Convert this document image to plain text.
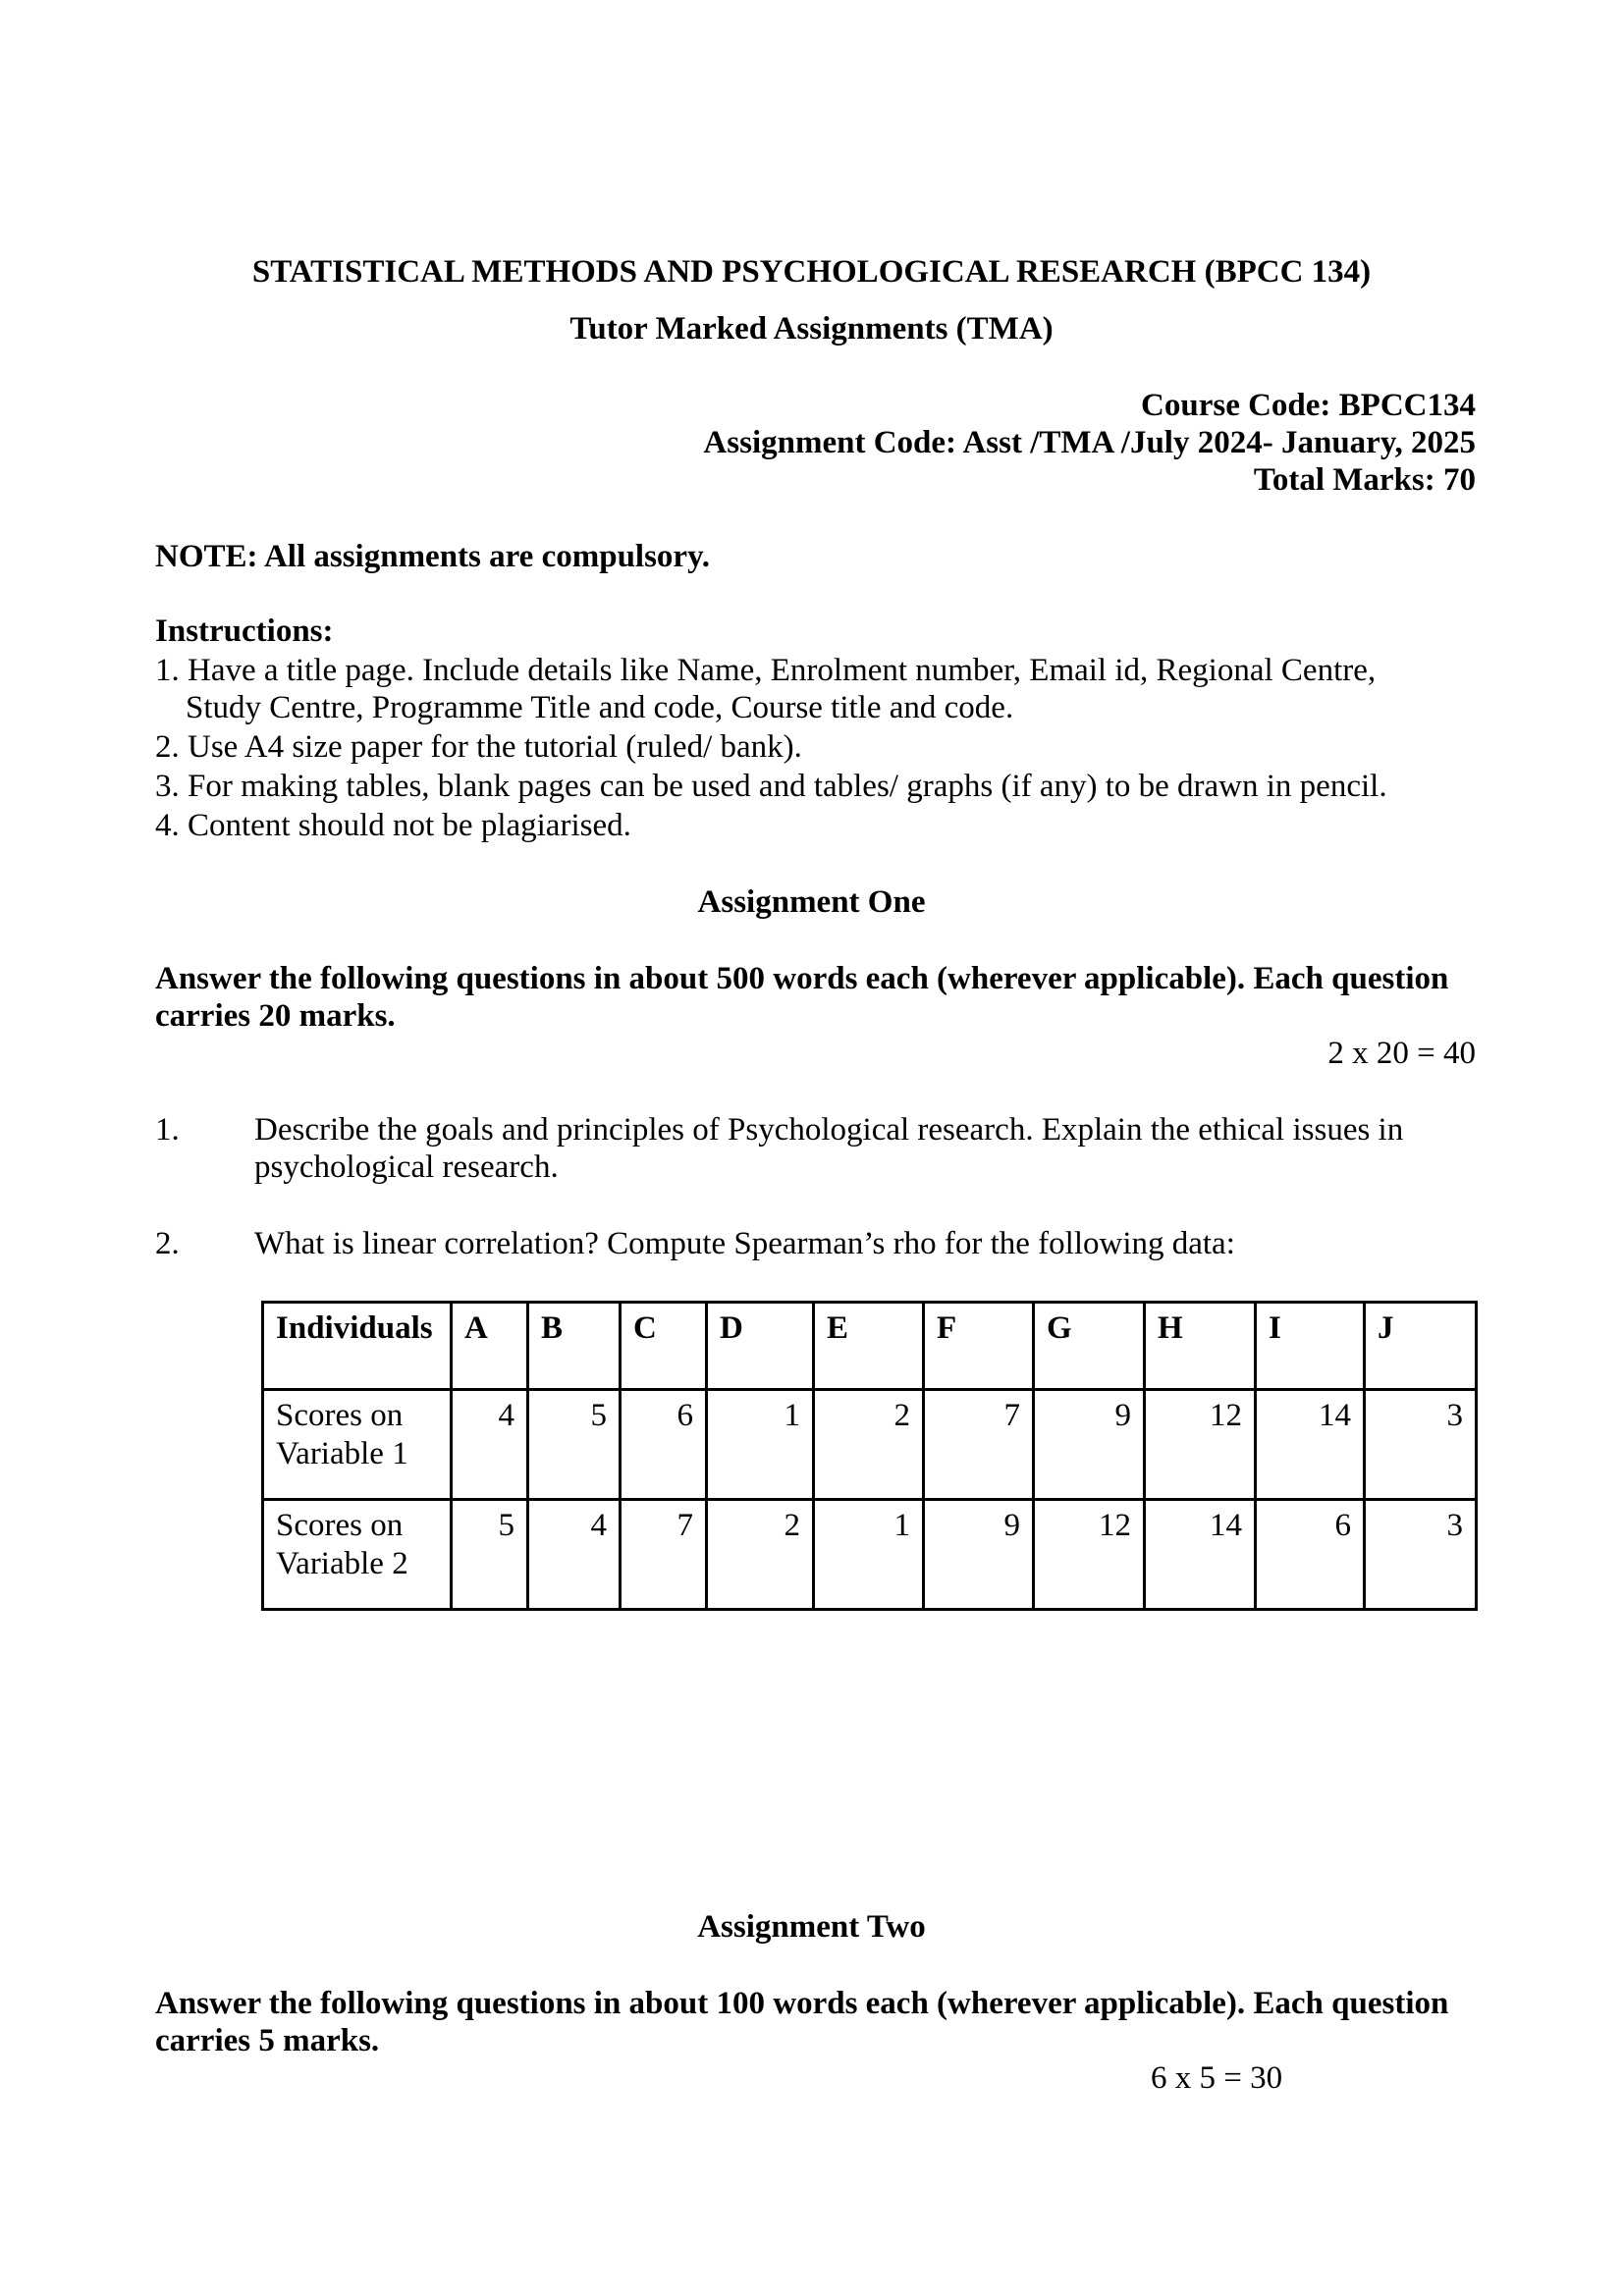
STATISTICAL METHODS AND PSYCHOLOGICAL RESEARCH (BPCC 134)
Tutor Marked Assignments (TMA)
Course Code: BPCC134
Assignment Code: Asst /TMA /July 2024- January, 2025
Total Marks: 70
NOTE: All assignments are compulsory.
Instructions:
1. Have a title page. Include details like Name, Enrolment number, Email id, Regional Centre,
Study Centre, Programme Title and code, Course title and code.
2. Use A4 size paper for the tutorial (ruled/ bank).
3. For making tables, blank pages can be used and tables/ graphs (if any) to be drawn in pencil.
4. Content should not be plagiarised.
Assignment One
Answer the following questions in about 500 words each (wherever applicable). Each question
carries 20 marks.
2 x 20 = 40
1. Describe the goals and principles of Psychological research. Explain the ethical issues in
psychological research.
2. What is linear correlation? Compute Spearman’s rho for the following data:
Individuals	A	B	C	D	E	F	G	H	I	J
Scores on
Variable 1	4	5	6	1	2	7	9	12	14	3
Scores on
Variable 2	5	4	7	2	1	9	12	14	6	3
Assignment Two
Answer the following questions in about 100 words each (wherever applicable). Each question
carries 5 marks.
6 x 5 = 30
